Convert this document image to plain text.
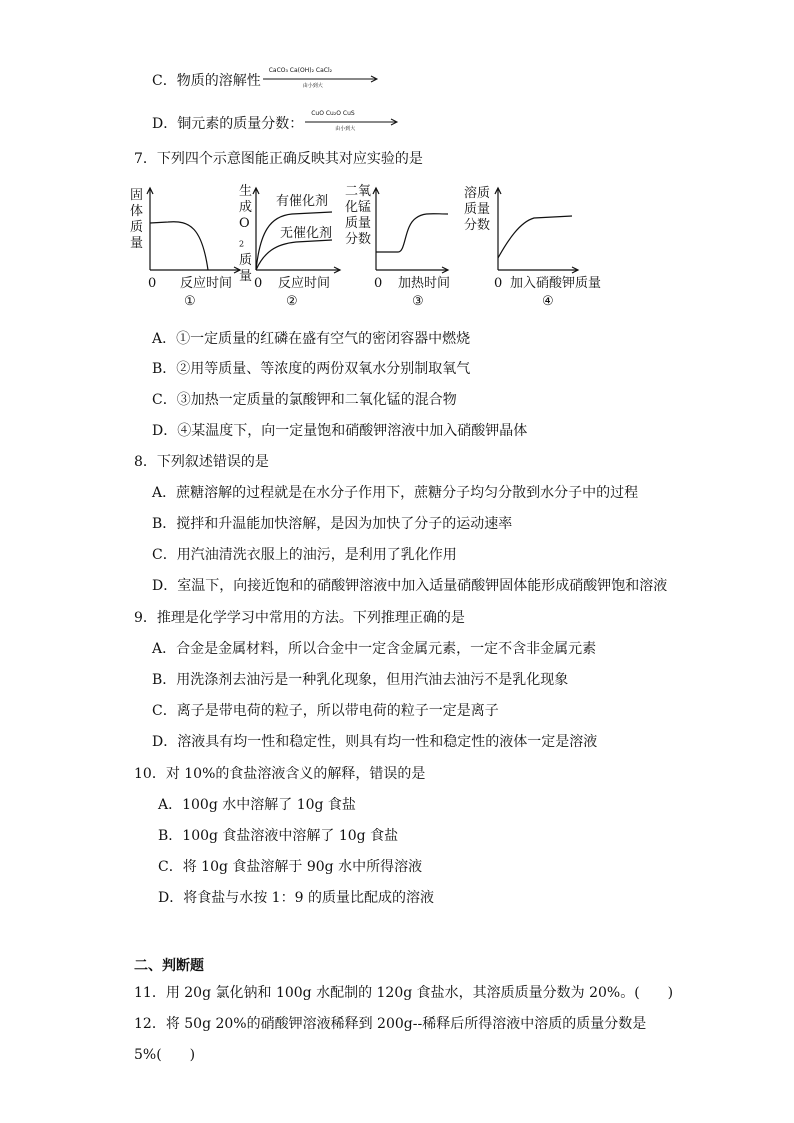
C．物质的溶解性
CaCO₃ Ca(OH)₂ CaCl₂
由小到大
D．铜元素的质量分数：
CuO Cu₂O CuS
由小到大
7．下列四个示意图能正确反映其对应实验的是
固体质量
0 反应时间
①
生成$O_2$质量
有催化剂
无催化剂
0 反应时间
②
二氧化锰质量分数
0 加热时间
③
溶质质量分数
0 加入硝酸钾质量
④
A．①一定质量的红磷在盛有空气的密闭容器中燃烧
B．②用等质量、等浓度的两份双氧水分别制取氧气
C．③加热一定质量的氯酸钾和二氧化锰的混合物
D．④某温度下，向一定量饱和硝酸钾溶液中加入硝酸钾晶体
8．下列叙述错误的是
A．蔗糖溶解的过程就是在水分子作用下，蔗糖分子均匀分散到水分子中的过程
B．搅拌和升温能加快溶解，是因为加快了分子的运动速率
C．用汽油清洗衣服上的油污，是利用了乳化作用
D．室温下，向接近饱和的硝酸钾溶液中加入适量硝酸钾固体能形成硝酸钾饱和溶液
9．推理是化学学习中常用的方法。下列推理正确的是
A．合金是金属材料，所以合金中一定含金属元素，一定不含非金属元素
B．用洗涤剂去油污是一种乳化现象，但用汽油去油污不是乳化现象
C．离子是带电荷的粒子，所以带电荷的粒子一定是离子
D．溶液具有均一性和稳定性，则具有均一性和稳定性的液体一定是溶液
10．对 10%的食盐溶液含义的解释，错误的是
A．100g 水中溶解了 10g 食盐
B．100g 食盐溶液中溶解了 10g 食盐
C．将 10g 食盐溶解于 90g 水中所得溶液
D．将食盐与水按 1：9 的质量比配成的溶液
二、判断题
11．用 20g 氯化钠和 100g 水配制的 120g 食盐水，其溶质质量分数为 20%。(　　)
12．将 50g 20%的硝酸钾溶液稀释到 200g--稀释后所得溶液中溶质的质量分数是
5%(　　)
